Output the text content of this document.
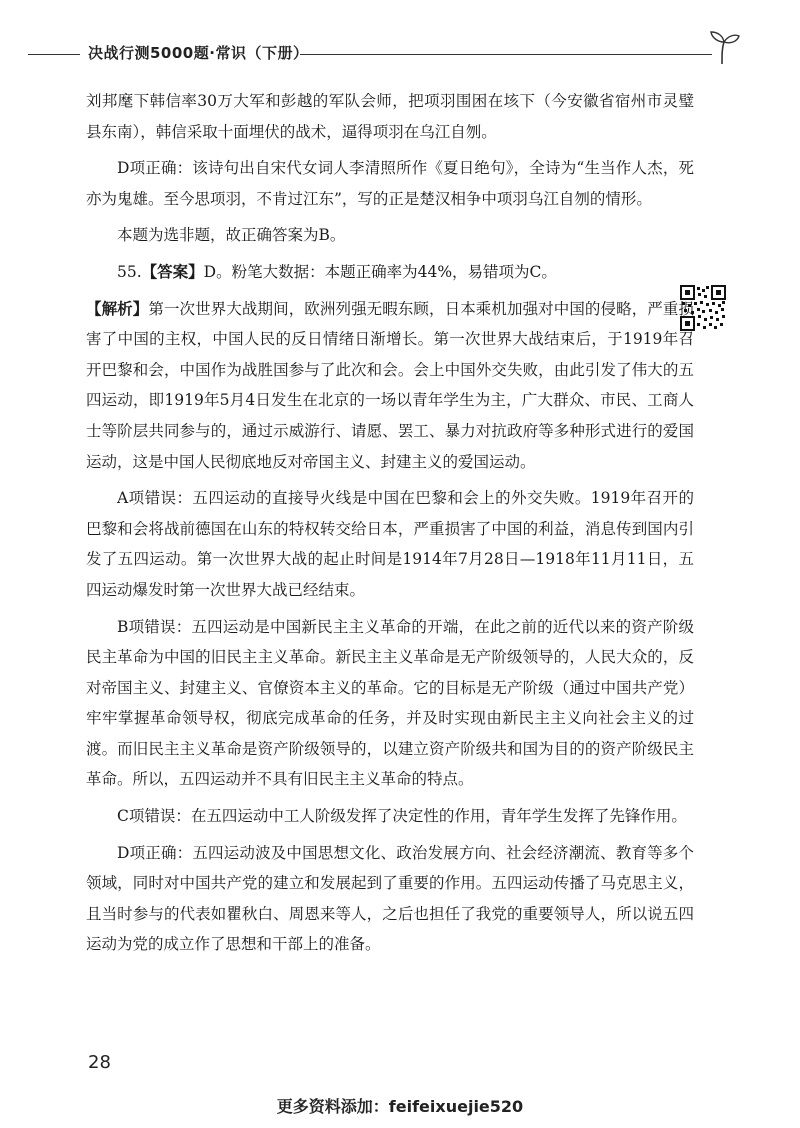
决战行测5000题·常识（下册）

刘邦麾下韩信率30万大军和彭越的军队会师，把项羽围困在垓下（今安徽省宿州市灵璧县东南），韩信采取十面埋伏的战术，逼得项羽在乌江自刎。

D项正确：该诗句出自宋代女词人李清照所作《夏日绝句》，全诗为“生当作人杰，死亦为鬼雄。至今思项羽，不肯过江东”，写的正是楚汉相争中项羽乌江自刎的情形。

本题为选非题，故正确答案为B。

55.【答案】D。粉笔大数据：本题正确率为44%，易错项为C。

【解析】第一次世界大战期间，欧洲列强无暇东顾，日本乘机加强对中国的侵略，严重损害了中国的主权，中国人民的反日情绪日渐增长。第一次世界大战结束后，于1919年召开巴黎和会，中国作为战胜国参与了此次和会。会上中国外交失败，由此引发了伟大的五四运动，即1919年5月4日发生在北京的一场以青年学生为主，广大群众、市民、工商人士等阶层共同参与的，通过示威游行、请愿、罢工、暴力对抗政府等多种形式进行的爱国运动，这是中国人民彻底地反对帝国主义、封建主义的爱国运动。

A项错误：五四运动的直接导火线是中国在巴黎和会上的外交失败。1919年召开的巴黎和会将战前德国在山东的特权转交给日本，严重损害了中国的利益，消息传到国内引发了五四运动。第一次世界大战的起止时间是1914年7月28日—1918年11月11日，五四运动爆发时第一次世界大战已经结束。

B项错误：五四运动是中国新民主主义革命的开端，在此之前的近代以来的资产阶级民主革命为中国的旧民主主义革命。新民主主义革命是无产阶级领导的，人民大众的，反对帝国主义、封建主义、官僚资本主义的革命。它的目标是无产阶级（通过中国共产党）牢牢掌握革命领导权，彻底完成革命的任务，并及时实现由新民主主义向社会主义的过渡。而旧民主主义革命是资产阶级领导的，以建立资产阶级共和国为目的的资产阶级民主革命。所以，五四运动并不具有旧民主主义革命的特点。

C项错误：在五四运动中工人阶级发挥了决定性的作用，青年学生发挥了先锋作用。

D项正确：五四运动波及中国思想文化、政治发展方向、社会经济潮流、教育等多个领域，同时对中国共产党的建立和发展起到了重要的作用。五四运动传播了马克思主义，且当时参与的代表如瞿秋白、周恩来等人，之后也担任了我党的重要领导人，所以说五四运动为党的成立作了思想和干部上的准备。

28
更多资料添加：feifeixuejie520
